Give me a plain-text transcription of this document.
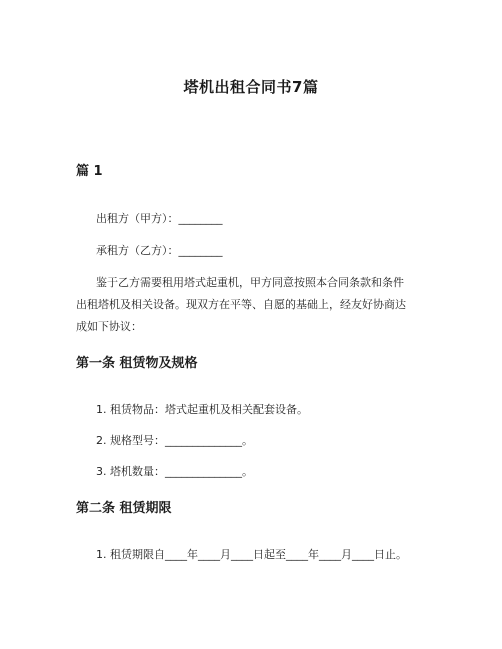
塔机出租合同书7篇
篇 1
出租方（甲方）：________
承租方（乙方）：________
鉴于乙方需要租用塔式起重机，甲方同意按照本合同条款和条件
出租塔机及相关设备。现双方在平等、自愿的基础上，经友好协商达
成如下协议：
第一条 租赁物及规格
1. 租赁物品：塔式起重机及相关配套设备。
2. 规格型号：______________。
3. 塔机数量：______________。
第二条 租赁期限
1. 租赁期限自____年____月____日起至____年____月____日止。
